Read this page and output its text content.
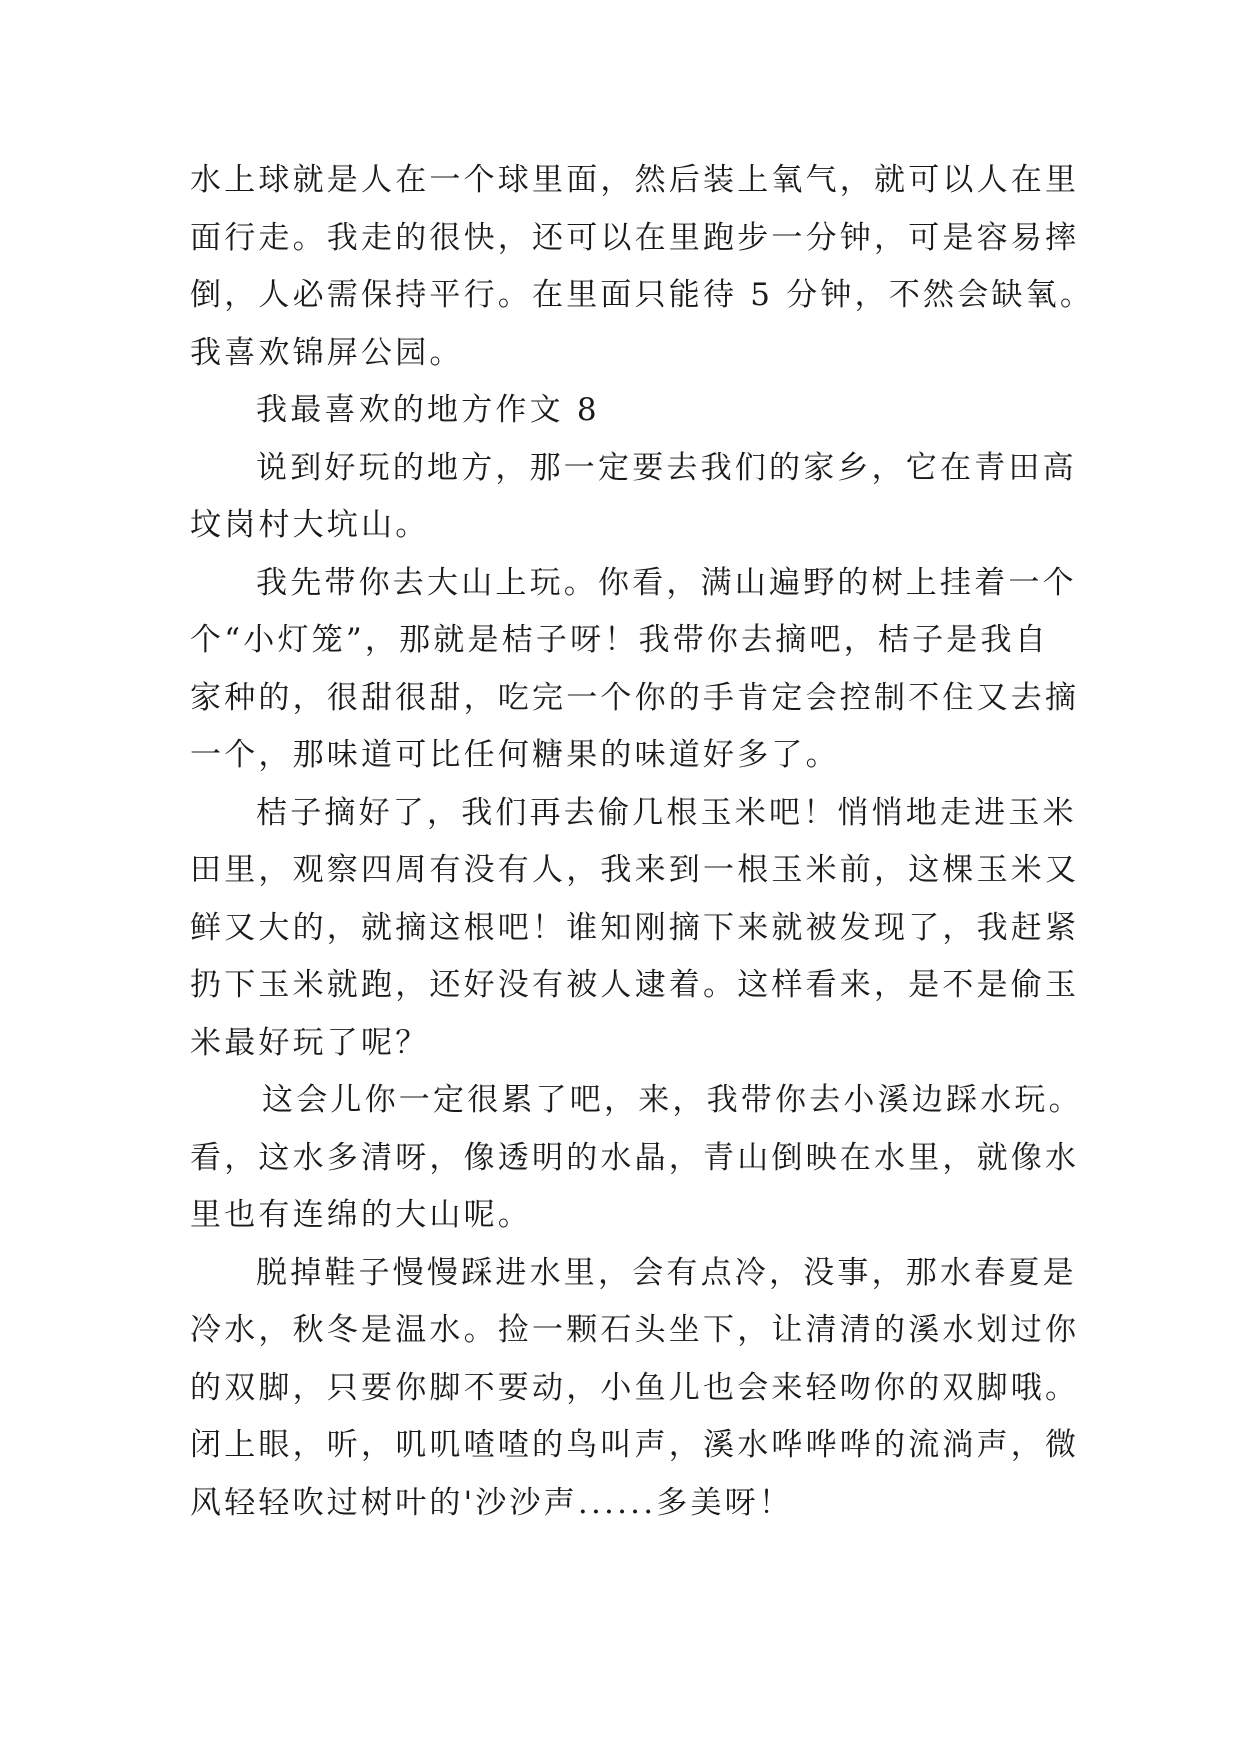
水上球就是人在一个球里面，然后装上氧气，就可以人在里
面行走。我走的很快，还可以在里跑步一分钟，可是容易摔
倒，人必需保持平行。在里面只能待 5 分钟，不然会缺氧。
我喜欢锦屏公园。
我最喜欢的地方作文 8
说到好玩的地方，那一定要去我们的家乡，它在青田高
坟岗村大坑山。
我先带你去大山上玩。你看，满山遍野的树上挂着一个
个“小灯笼”，那就是桔子呀！我带你去摘吧，桔子是我自
家种的，很甜很甜，吃完一个你的手肯定会控制不住又去摘
一个，那味道可比任何糖果的味道好多了。
桔子摘好了，我们再去偷几根玉米吧！悄悄地走进玉米
田里，观察四周有没有人，我来到一根玉米前，这棵玉米又
鲜又大的，就摘这根吧！谁知刚摘下来就被发现了，我赶紧
扔下玉米就跑，还好没有被人逮着。这样看来，是不是偷玉
米最好玩了呢？
这会儿你一定很累了吧，来，我带你去小溪边踩水玩。
看，这水多清呀，像透明的水晶，青山倒映在水里，就像水
里也有连绵的大山呢。
脱掉鞋子慢慢踩进水里，会有点冷，没事，那水春夏是
冷水，秋冬是温水。捡一颗石头坐下，让清清的溪水划过你
的双脚，只要你脚不要动，小鱼儿也会来轻吻你的双脚哦。
闭上眼，听，叽叽喳喳的鸟叫声，溪水哗哗哗的流淌声，微
风轻轻吹过树叶的'沙沙声......多美呀！
